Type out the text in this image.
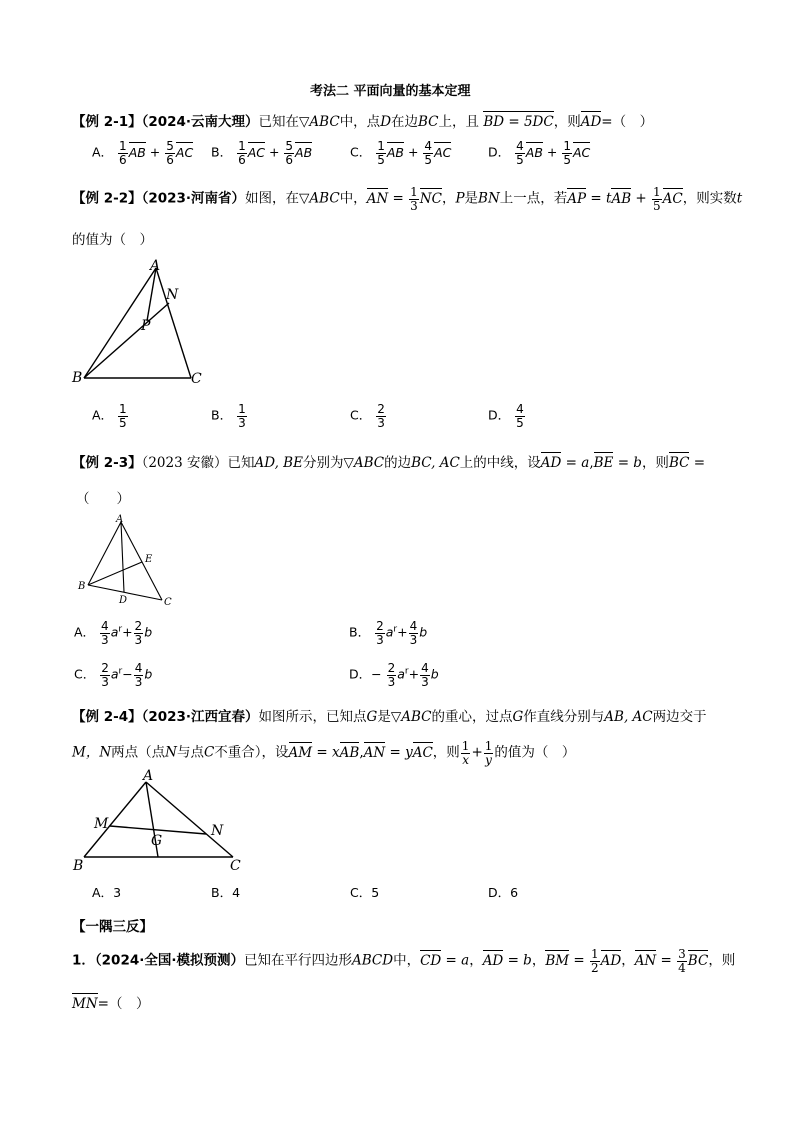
考法二 平面向量的基本定理
【例 2-1】（2024·云南大理）已知在▽ABC中，点D在边BC上，且 BD = 5DC，则AD=（　）
A． $\frac{1}{6}$ AB + $\frac{5}{6}$ AC B． $\frac{1}{6}$ AC + $\frac{5}{6}$ AB	C． $\frac{1}{5}$ AB + $\frac{4}{5}$ AC	D． $\frac{4}{5}$ AB + $\frac{1}{5}$ AC
【例 2-2】（2023·河南省）如图，在▽ABC中，AN = $\frac{1}{3}$ NC，P是BN上一点，若AP = tAB + $\frac{1}{5}$ AC，则实数t
的值为（　）
A
N
P
B	C
A． $\frac{1}{5}$	B． $\frac{1}{3}$	C． $\frac{2}{3}$	D． $\frac{4}{5}$
【例 2-3】（2023 安徽）已知AD, BE分别为▽ABC的边BC, AC上的中线，设AD = a,BE = b，则BC =
（　　）
A
E
B
D	C
A． $\frac{4}{3} a^r+ \frac{2}{3}$ b	B． $\frac{2}{3} a^r+ \frac{4}{3}$ b
C． $\frac{2}{3} a^r- \frac{4}{3}$ b	D．− $\frac{2}{3} a^r+ \frac{4}{3}$ b
【例 2-4】（2023·江西宜春）如图所示，已知点G是▽ABC的重心，过点G作直线分别与AB, AC两边交于
M，N两点（点N与点C不重合），设AM = xAB,AN = yAC，则 $\frac{1}{x} + \frac{1}{y}$ 的值为（　）
A
M	N
G
B	C
A．3	B．4	C．5	D．6
【一隅三反】
1．（2024·全国·模拟预测）已知在平行四边形ABCD中，CD = a，AD = b，BM = $\frac{1}{2}$ AD，AN = $\frac{3}{4}$ BC，则
MN=（　）
